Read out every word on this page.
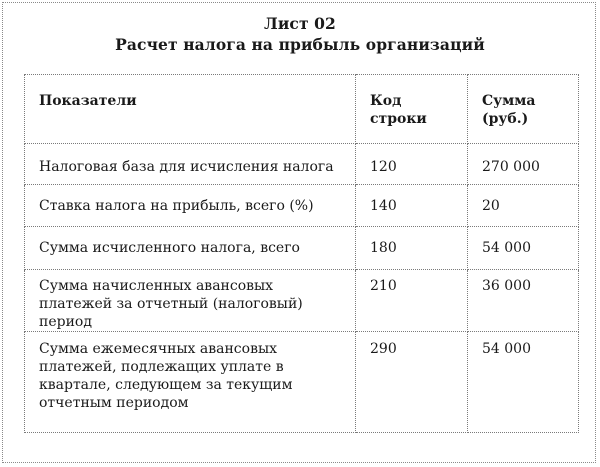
Лист 02
Расчет налога на прибыль организаций
Показатели	Код строки	Сумма (руб.)
Налоговая база для исчисления налога	120	270 000
Ставка налога на прибыль, всего (%)	140	20
Сумма исчисленного налога, всего	180	54 000
Сумма начисленных авансовых платежей за отчетный (налоговый) период	210	36 000
Сумма ежемесячных авансовых платежей, подлежащих уплате в квартале, следующем за текущим отчетным периодом	290	54 000
